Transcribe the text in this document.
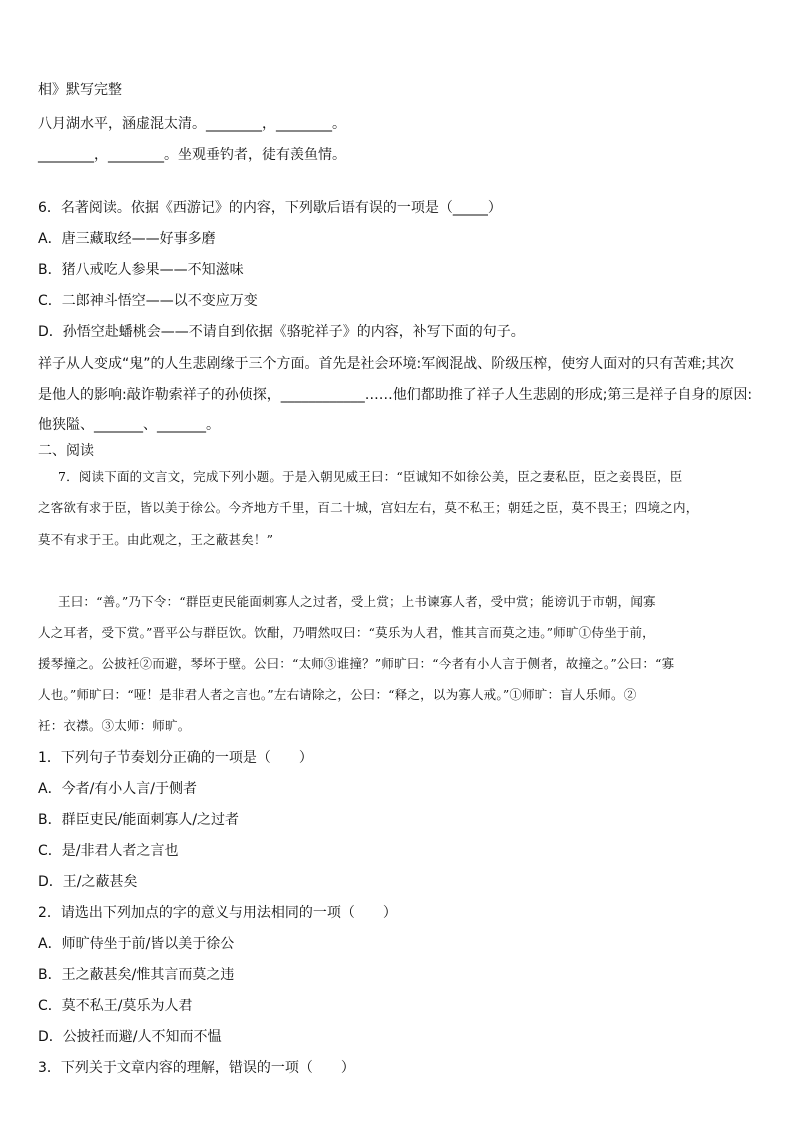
相》默写完整
八月湖水平，涵虚混太清。________，________。
________，________。坐观垂钓者，徒有羡鱼情。
6．名著阅读。依据《西游记》的内容，下列歇后语有误的一项是（_____）
A．唐三藏取经——好事多磨
B．猪八戒吃人参果——不知滋味
C．二郎神斗悟空——以不变应万变
D．孙悟空赴蟠桃会——不请自到依据《骆驼祥子》的内容，补写下面的句子。
祥子从人变成“鬼”的人生悲剧缘于三个方面。首先是社会环境:军阀混战、阶级压榨，使穷人面对的只有苦难;其次
是他人的影响:敲诈勒索祥子的孙侦探，____________……他们都助推了祥子人生悲剧的形成;第三是祥子自身的原因:
他狭隘、_______、_______。
二、阅读
7．阅读下面的文言文，完成下列小题。于是入朝见威王曰：“臣诚知不如徐公美，臣之妻私臣，臣之妾畏臣，臣
之客欲有求于臣，皆以美于徐公。今齐地方千里，百二十城，宫妇左右，莫不私王；朝廷之臣，莫不畏王；四境之内，
莫不有求于王。由此观之，王之蔽甚矣！”
王曰：“善。”乃下令：“群臣吏民能面刺寡人之过者，受上赏；上书谏寡人者，受中赏；能谤讥于市朝，闻寡
人之耳者，受下赏。”晋平公与群臣饮。饮酣，乃喟然叹曰：“莫乐为人君，惟其言而莫之违。”师旷①侍坐于前，
援琴撞之。公披衽②而避，琴坏于壁。公曰：“太师③谁撞？”师旷曰：“今者有小人言于侧者，故撞之。”公曰：“寡
人也。”师旷曰：“哑！是非君人者之言也。”左右请除之，公曰：“释之，以为寡人戒。”①师旷：盲人乐师。②
衽：衣襟。③太师：师旷。
1．下列句子节奏划分正确的一项是（　　）
A．今者/有小人言/于侧者
B．群臣吏民/能面刺寡人/之过者
C．是/非君人者之言也
D．王/之蔽甚矣
2．请选出下列加点的字的意义与用法相同的一项（　　）
A．师旷侍坐于前/皆以美于徐公
B．王之蔽甚矣/惟其言而莫之违
C．莫不私王/莫乐为人君
D．公披衽而避/人不知而不愠
3．下列关于文章内容的理解，错误的一项（　　）
